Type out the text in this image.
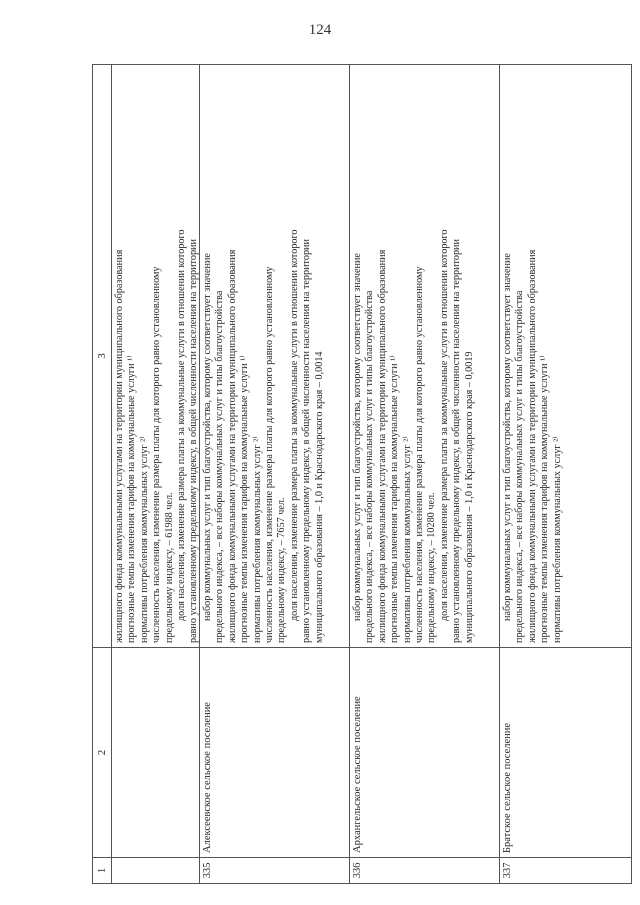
124
1
2
3 жилищного фонда коммунальными услугами на территории муниципального образования прогнозные темпы изменения тарифов на коммунальные услуги ¹⁾ нормативы потребления коммунальных услуг ²⁾ численность населения, изменение размера платы для которого равно установленному предельному индексу, – 61988 чел. доля населения, изменение размера платы за коммунальные услуги в отношении которого равно установленному предельному индексу, в общей численности населения на территории

335
Алексеевское сельское поселение

набор коммунальных услуг и тип благоустройства, которому соответствует значение предельного индекса, – все наборы коммунальных услуг и типы благоустройства жилищного фонда коммунальными услугами на территории муниципального образования прогнозные темпы изменения тарифов на коммунальные услуги ¹⁾ нормативы потребления коммунальных услуг ²⁾ численность населения, изменение размера платы для которого равно установленному предельному индексу, – 7657 чел. доля населения, изменение размера платы за коммунальные услуги в отношении которого равно установленному предельному индексу, в общей численности населения на территории муниципального образования – 1,0 и Краснодарского края – 0,0014

336
Архангельское сельское поселение

набор коммунальных услуг и тип благоустройства, которому соответствует значение предельного индекса, – все наборы коммунальных услуг и типы благоустройства жилищного фонда коммунальными услугами на территории муниципального образования прогнозные темпы изменения тарифов на коммунальные услуги ¹⁾ нормативы потребления коммунальных услуг ²⁾ численность населения, изменение размера платы для которого равно установленному предельному индексу, – 10280 чел. доля населения, изменение размера платы за коммунальные услуги в отношении которого равно установленному предельному индексу, в общей численности населения на территории муниципального образования – 1,0 и Краснодарского края – 0,0019

337
Братское сельское поселение

набор коммунальных услуг и тип благоустройства, которому соответствует значение предельного индекса, – все наборы коммунальных услуг и типы благоустройства жилищного фонда коммунальными услугами на территории муниципального образования прогнозные темпы изменения тарифов на коммунальные услуги ¹⁾ нормативы потребления коммунальных услуг ²⁾
